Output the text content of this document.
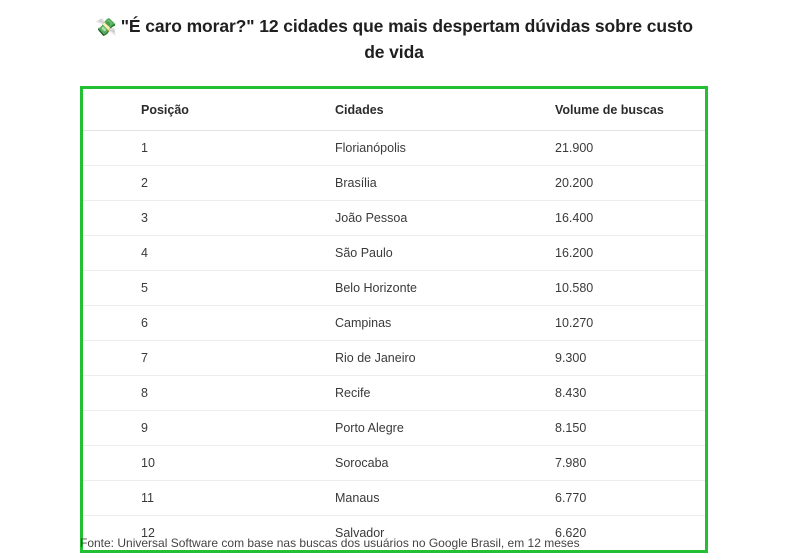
💸 "É caro morar?" 12 cidades que mais despertam dúvidas sobre custo de vida
Posição	Cidades	Volume de buscas
1	Florianópolis	21.900
2	Brasília	20.200
3	João Pessoa	16.400
4	São Paulo	16.200
5	Belo Horizonte	10.580
6	Campinas	10.270
7	Rio de Janeiro	9.300
8	Recife	8.430
9	Porto Alegre	8.150
10	Sorocaba	7.980
11	Manaus	6.770
12	Salvador	6.620
Fonte: Universal Software com base nas buscas dos usuários no Google Brasil, em 12 meses
